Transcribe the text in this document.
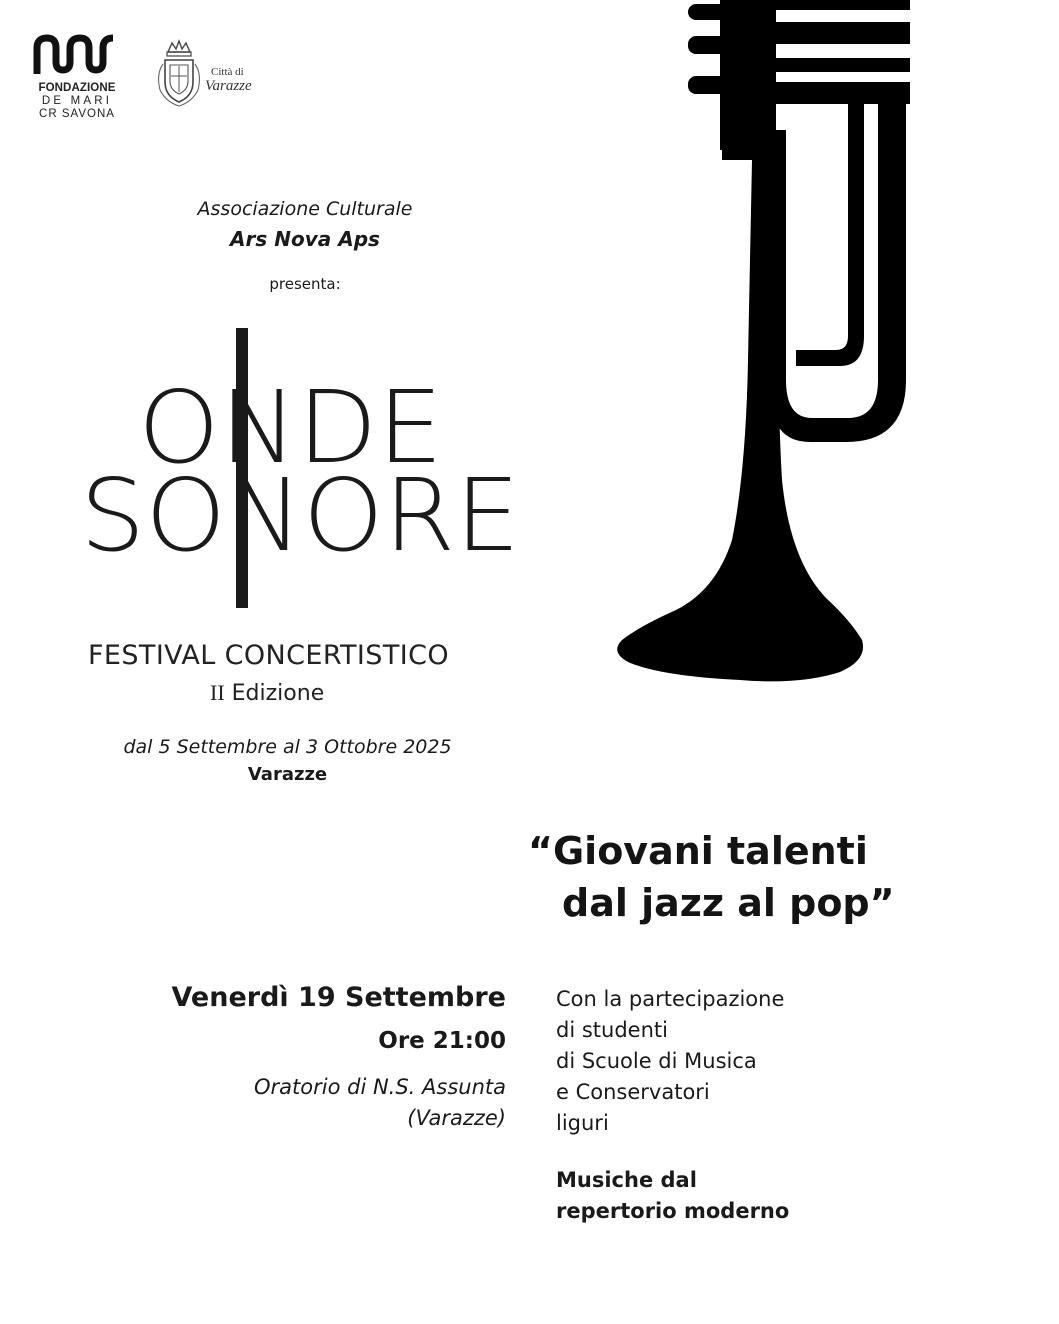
FONDAZIONE
DE MARI
CR SAVONA
Città di
Varazze
Associazione Culturale
Ars Nova Aps
presenta:
ONDE
SONORE
FESTIVAL CONCERTISTICO
II Edizione
dal 5 Settembre al 3 Ottobre 2025
Varazze
“Giovani talenti
dal jazz al pop”
Venerdì 19 Settembre
Ore 21:00
Oratorio di N.S. Assunta
(Varazze)
Con la partecipazione
di studenti
di Scuole di Musica
e Conservatori
liguri
Musiche dal
repertorio moderno
